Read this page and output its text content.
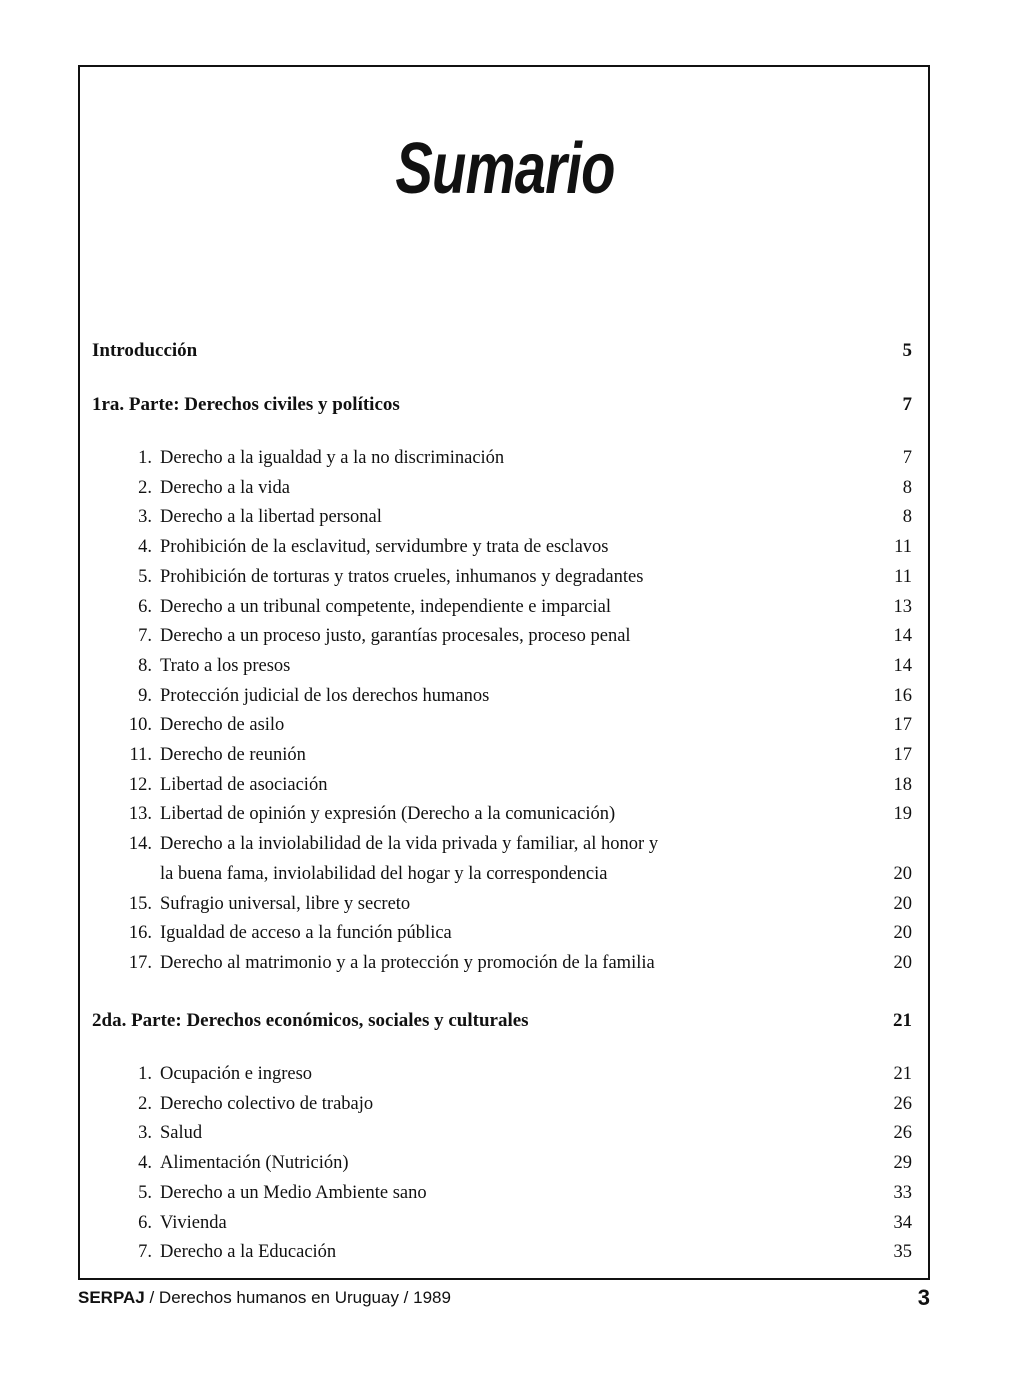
Sumario
Introducción	5
1ra. Parte: Derechos civiles y políticos	7
1. Derecho a la igualdad y a la no discriminación	7
2. Derecho a la vida	8
3. Derecho a la libertad personal	8
4. Prohibición de la esclavitud, servidumbre y trata de esclavos	11
5. Prohibición de torturas y tratos crueles, inhumanos y degradantes	11
6. Derecho a un tribunal competente, independiente e imparcial	13
7. Derecho a un proceso justo, garantías procesales, proceso penal	14
8. Trato a los presos	14
9. Protección judicial de los derechos humanos	16
10. Derecho de asilo	17
11. Derecho de reunión	17
12. Libertad de asociación	18
13. Libertad de opinión y expresión (Derecho a la comunicación)	19
14. Derecho a la inviolabilidad de la vida privada y familiar, al honor y
la buena fama, inviolabilidad del hogar y la correspondencia	20
15. Sufragio universal, libre y secreto	20
16. Igualdad de acceso a la función pública	20
17. Derecho al matrimonio y a la protección y promoción de la familia	20
2da. Parte: Derechos económicos, sociales y culturales	21
1. Ocupación e ingreso	21
2. Derecho colectivo de trabajo	26
3. Salud	26
4. Alimentación (Nutrición)	29
5. Derecho a un Medio Ambiente sano	33
6. Vivienda	34
7. Derecho a la Educación	35
SERPAJ / Derechos humanos en Uruguay / 1989	3
